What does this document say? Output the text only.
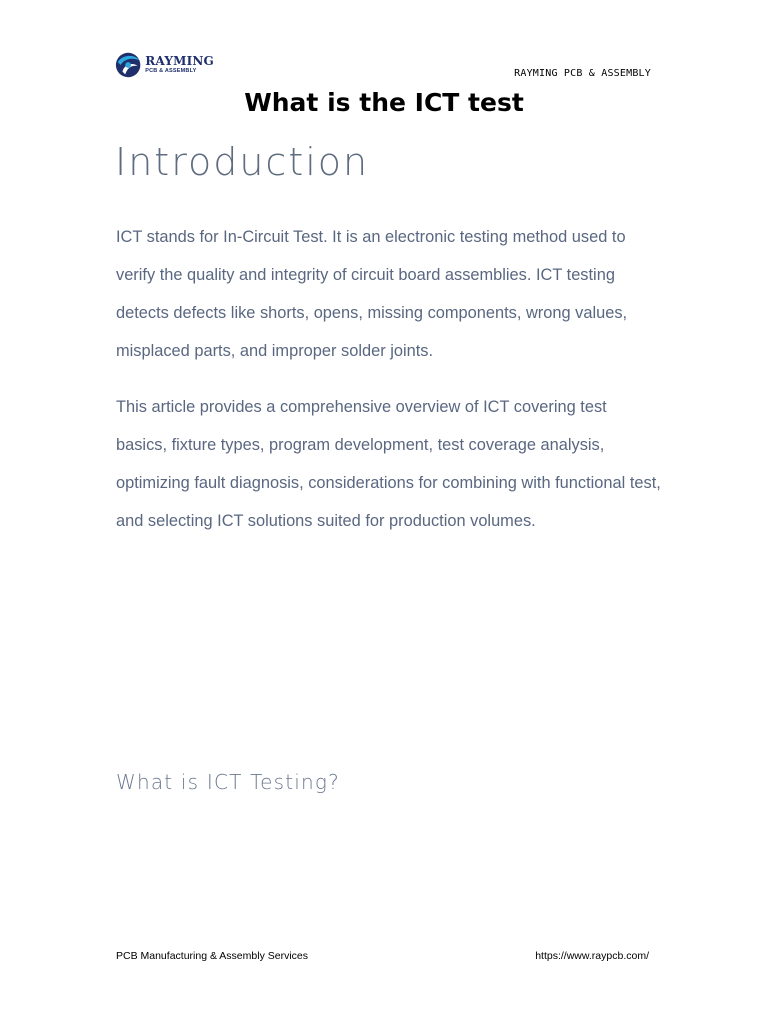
RAYMING
PCB & ASSEMBLY	RAYMING PCB & ASSEMBLY
What is the ICT test
Introduction

ICT stands for In-Circuit Test. It is an electronic testing method used to verify the quality and integrity of circuit board assemblies. ICT testing detects defects like shorts, opens, missing components, wrong values, misplaced parts, and improper solder joints.

This article provides a comprehensive overview of ICT covering test basics, fixture types, program development, test coverage analysis, optimizing fault diagnosis, considerations for combining with functional test, and selecting ICT solutions suited for production volumes.

What is ICT Testing?
PCB Manufacturing & Assembly Services	https://www.raypcb.com/
